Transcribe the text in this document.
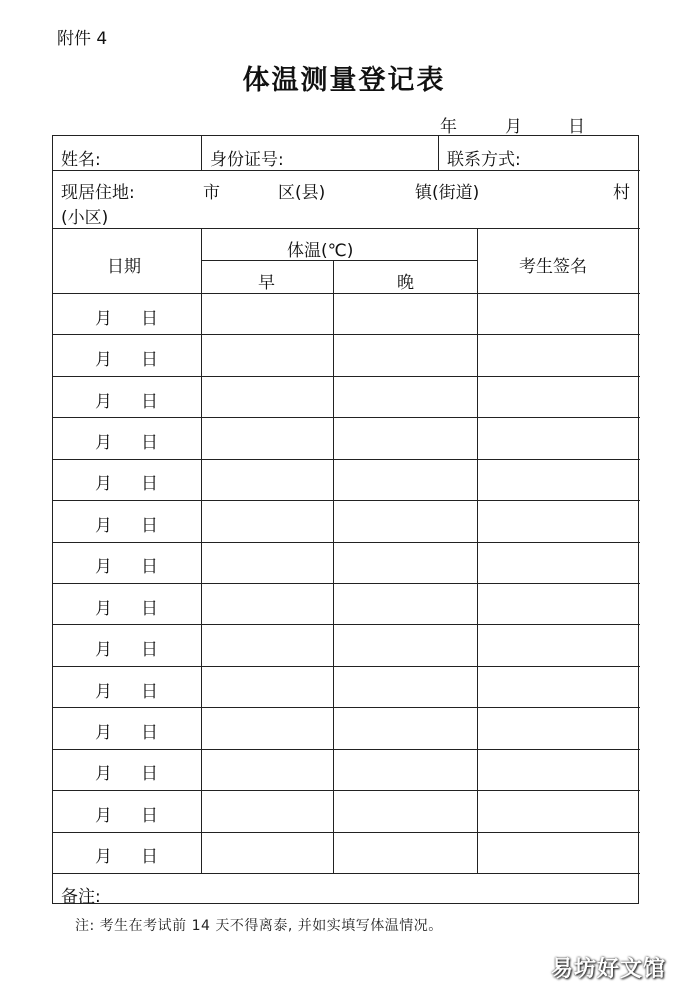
附件 4
体温测量登记表
年	月	日
姓名:	身份证号:	联系方式:
现居住地:	市	区(县)	镇(街道)	村
(小区)
日期
体温(℃)
早	晚
考生签名
月 日
月 日
月 日
月 日
月 日
月 日
月 日
月 日
月 日
月 日
月 日
月 日
月 日
月 日
备注:
注: 考生在考试前 14 天不得离泰, 并如实填写体温情况。
易坊好文馆
